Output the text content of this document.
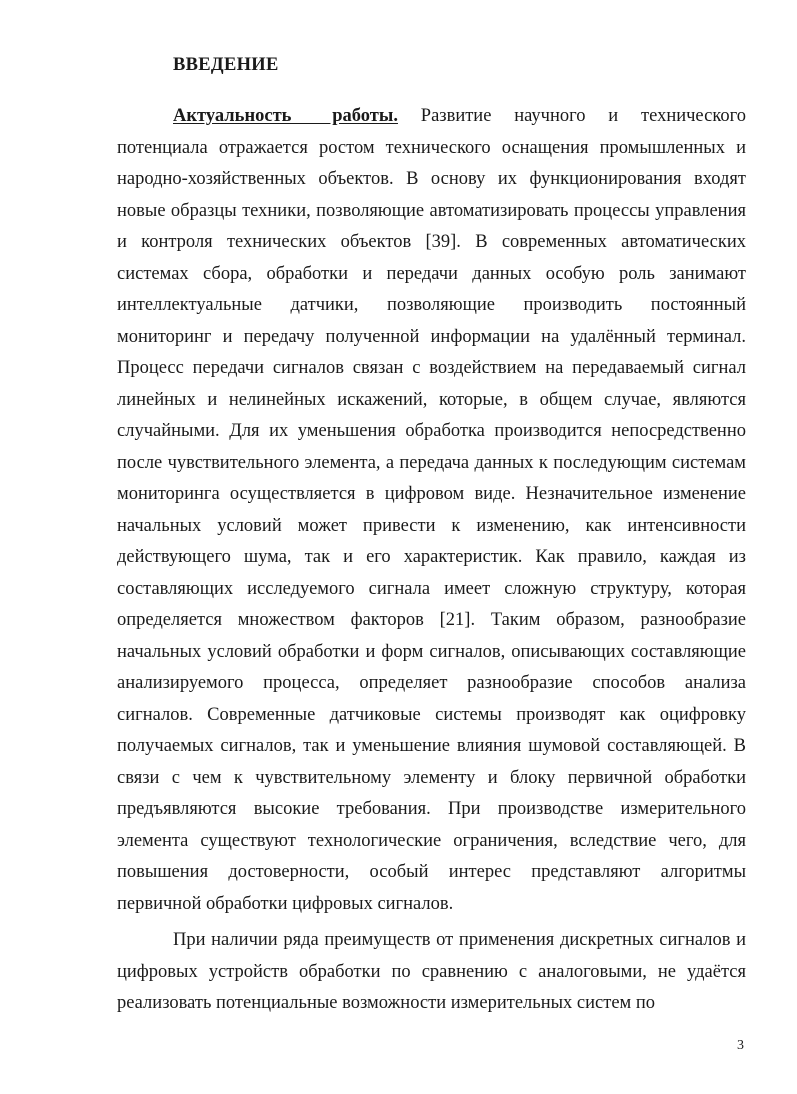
ВВЕДЕНИЕ

Актуальность работы. Развитие научного и технического потенциала отражается ростом технического оснащения промышленных и народно-хозяйственных объектов. В основу их функционирования входят новые образцы техники, позволяющие автоматизировать процессы управления и контроля технических объектов [39]. В современных автоматических системах сбора, обработки и передачи данных особую роль занимают интеллектуальные датчики, позволяющие производить постоянный мониторинг и передачу полученной информации на удалённый терминал. Процесс передачи сигналов связан с воздействием на передаваемый сигнал линейных и нелинейных искажений, которые, в общем случае, являются случайными. Для их уменьшения обработка производится непосредственно после чувствительного элемента, а передача данных к последующим системам мониторинга осуществляется в цифровом виде. Незначительное изменение начальных условий может привести к изменению, как интенсивности действующего шума, так и его характеристик. Как правило, каждая из составляющих исследуемого сигнала имеет сложную структуру, которая определяется множеством факторов [21]. Таким образом, разнообразие начальных условий обработки и форм сигналов, описывающих составляющие анализируемого процесса, определяет разнообразие способов анализа сигналов. Современные датчиковые системы производят как оцифровку получаемых сигналов, так и уменьшение влияния шумовой составляющей. В связи с чем к чувствительному элементу и блоку первичной обработки предъявляются высокие требования. При производстве измерительного элемента существуют технологические ограничения, вследствие чего, для повышения достоверности, особый интерес представляют алгоритмы первичной обработки цифровых сигналов.

При наличии ряда преимуществ от применения дискретных сигналов и цифровых устройств обработки по сравнению с аналоговыми, не удаётся реализовать потенциальные возможности измерительных систем по

3
